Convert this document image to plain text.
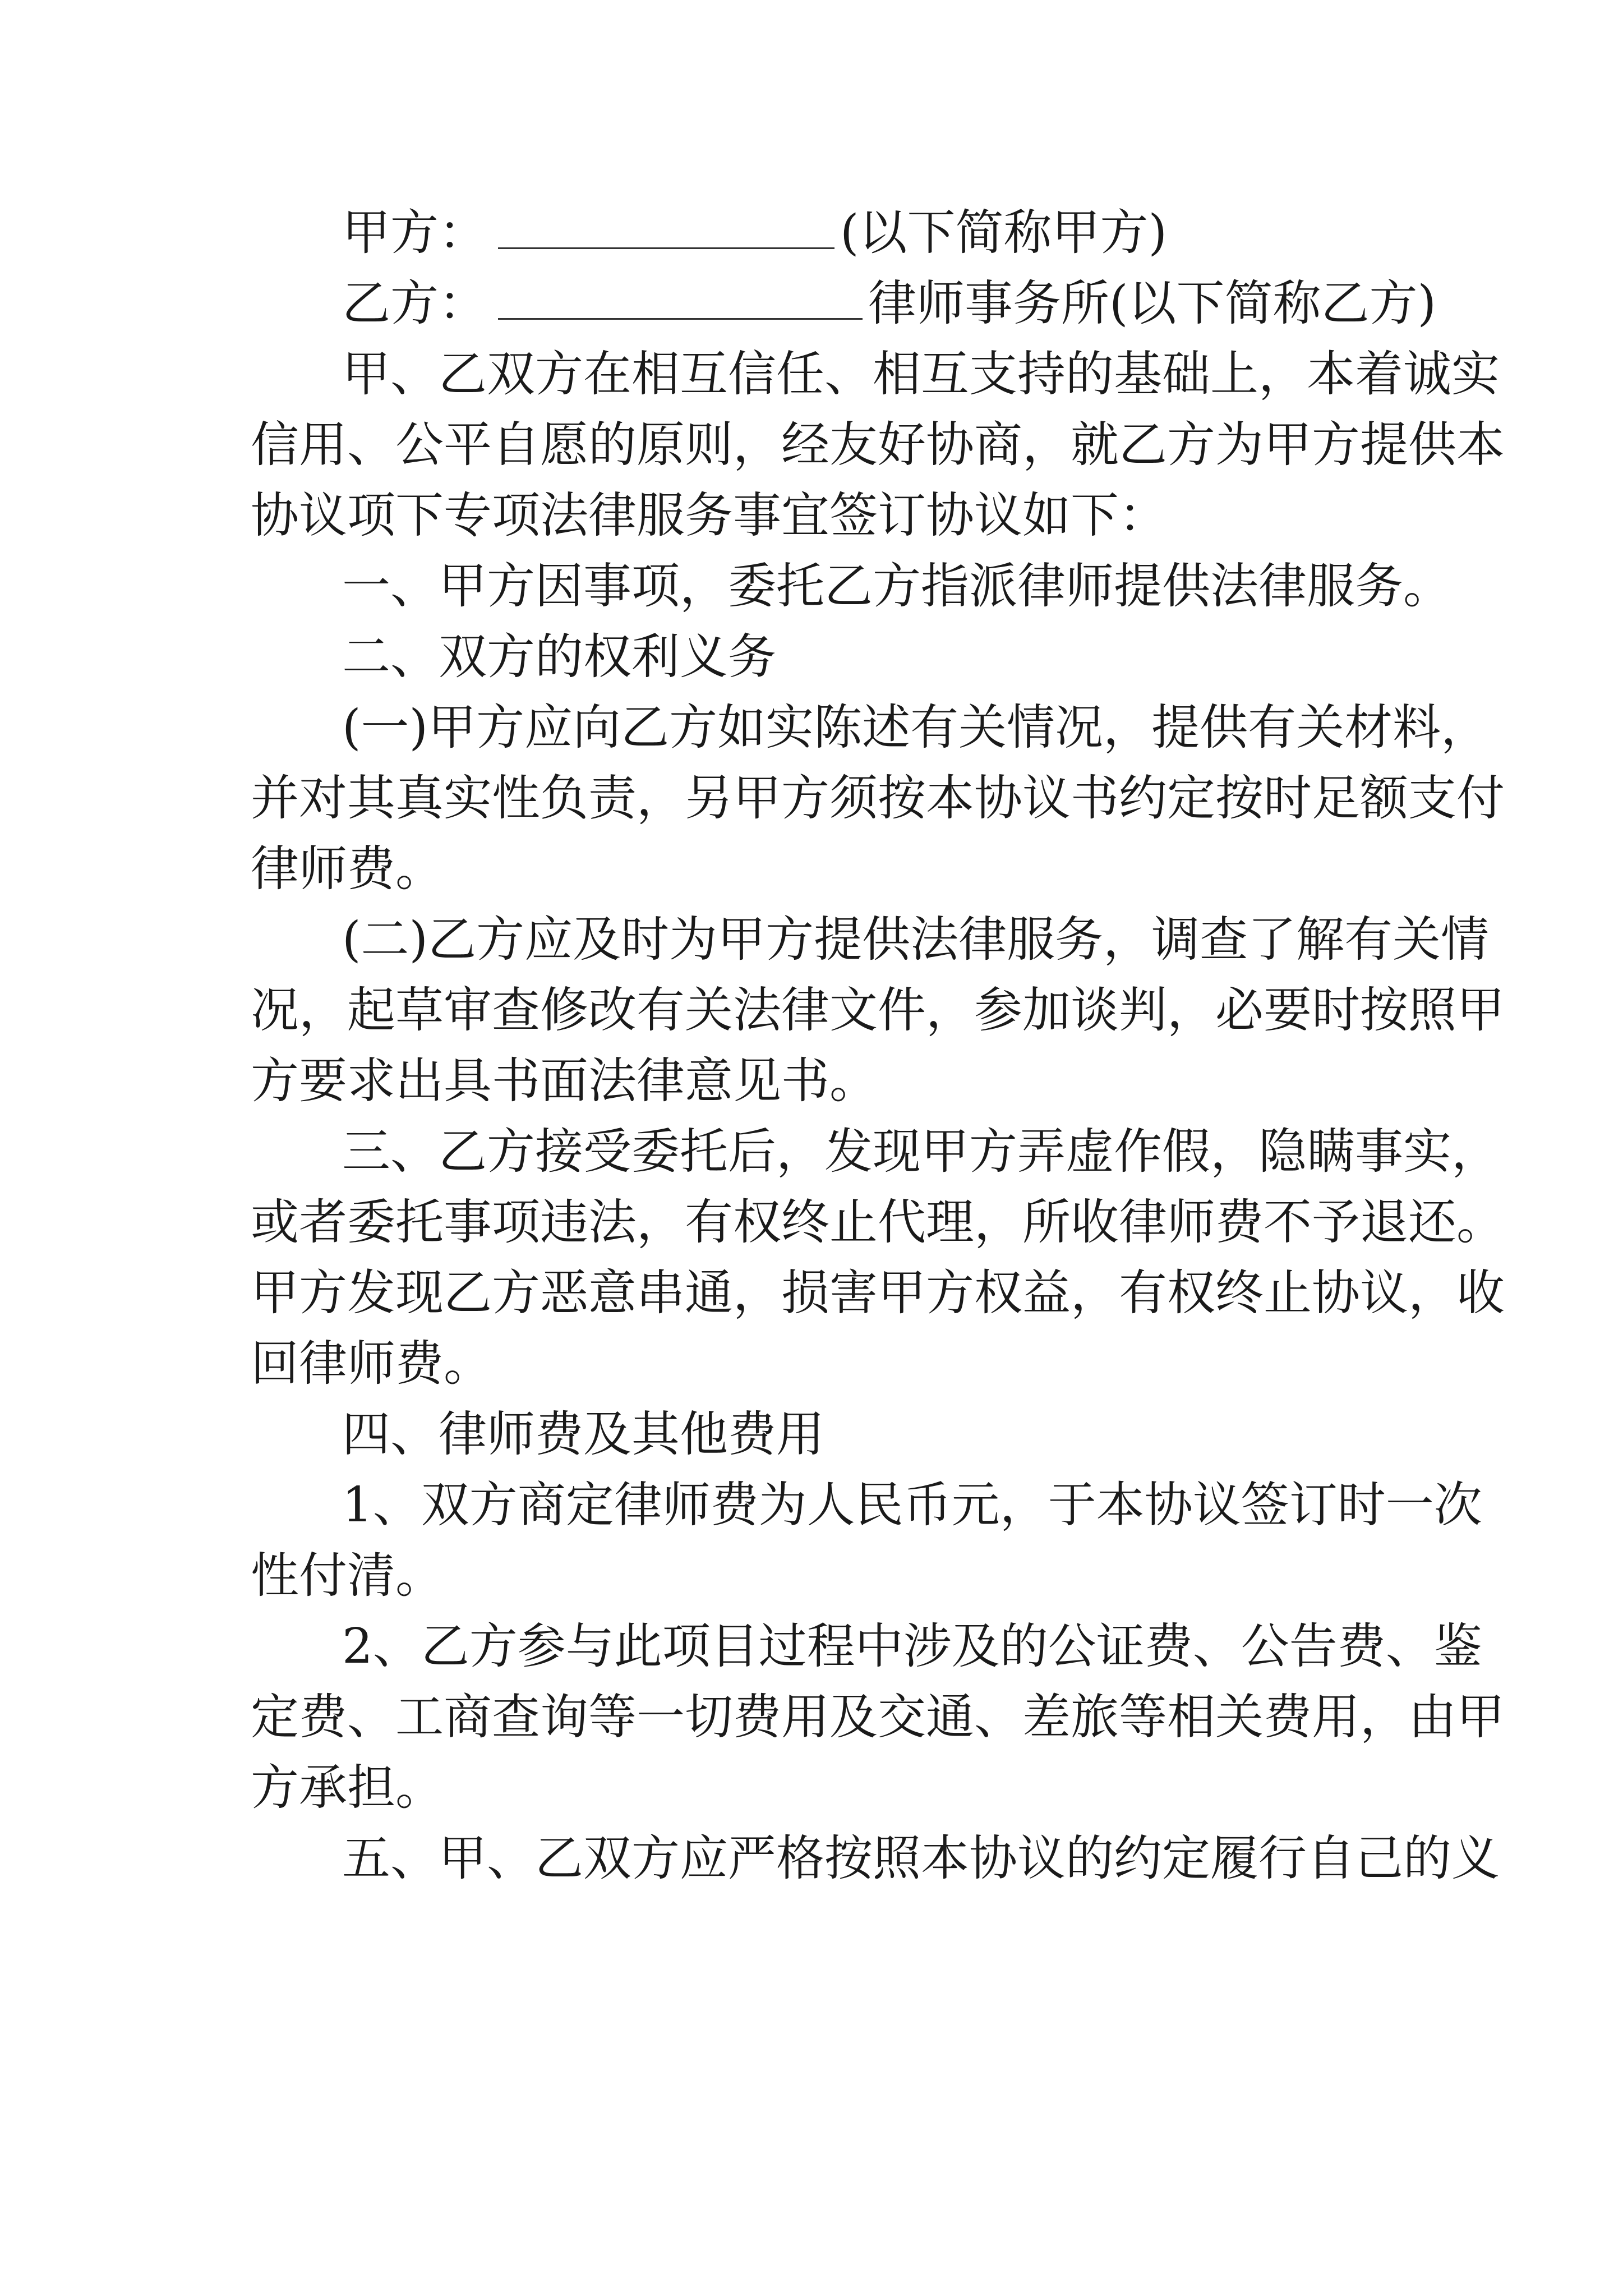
甲方：	(以下简称甲方)
乙方：	律师事务所(以下简称乙方)
甲、乙双方在相互信任、相互支持的基础上，本着诚实
信用、公平自愿的原则，经友好协商，就乙方为甲方提供本
协议项下专项法律服务事宜签订协议如下：
一、甲方因事项，委托乙方指派律师提供法律服务。
二、双方的权利义务
(一)甲方应向乙方如实陈述有关情况，提供有关材料，
并对其真实性负责，另甲方须按本协议书约定按时足额支付
律师费。
(二)乙方应及时为甲方提供法律服务，调查了解有关情
况，起草审查修改有关法律文件，参加谈判，必要时按照甲
方要求出具书面法律意见书。
三、乙方接受委托后，发现甲方弄虚作假，隐瞒事实，
或者委托事项违法，有权终止代理，所收律师费不予退还。
甲方发现乙方恶意串通，损害甲方权益，有权终止协议，收
回律师费。
四、律师费及其他费用
1、双方商定律师费为人民币元，于本协议签订时一次
性付清。
2、乙方参与此项目过程中涉及的公证费、公告费、鉴
定费、工商查询等一切费用及交通、差旅等相关费用，由甲
方承担。
五、甲、乙双方应严格按照本协议的约定履行自己的义
